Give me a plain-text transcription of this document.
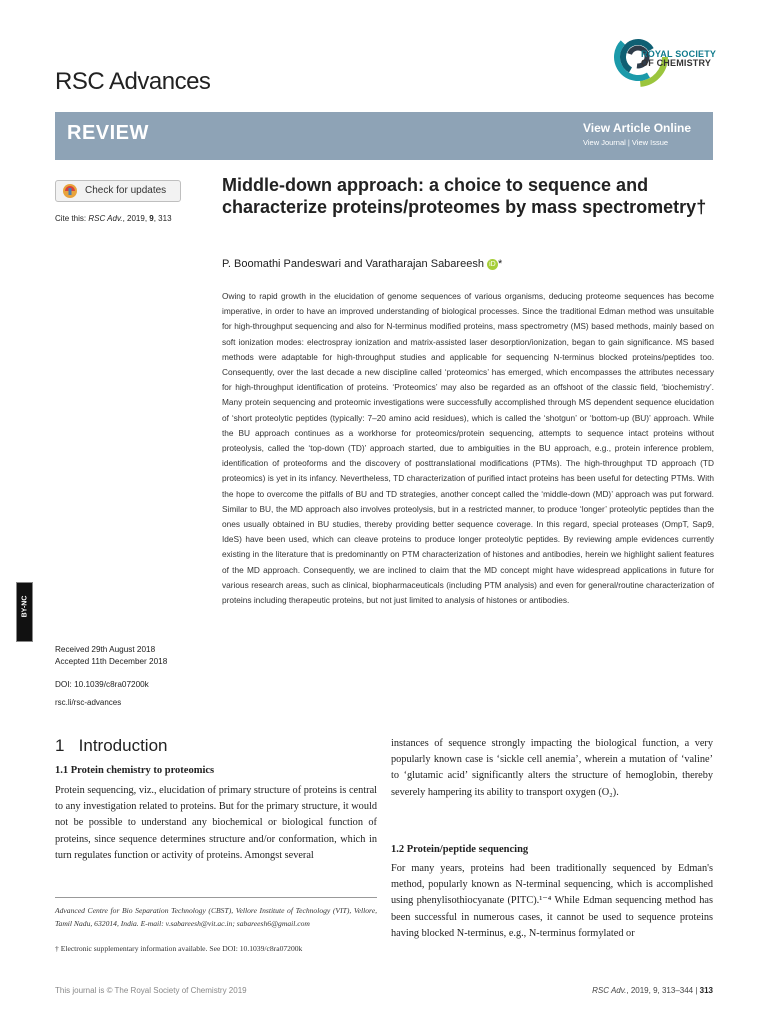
ROYAL SOCIETY
OF CHEMISTRY
RSC Advances
REVIEW	View Article Online
View Journal | View Issue
Check for updates
Cite this: RSC Adv., 2019, 9, 313
BY-NC
Received 29th August 2018
Accepted 11th December 2018
DOI: 10.1039/c8ra07200k
rsc.li/rsc-advances
Middle-down approach: a choice to sequence and characterize proteins/proteomes by mass spectrometry†
P. Boomathi Pandeswari and Varatharajan Sabareesh iD *
Owing to rapid growth in the elucidation of genome sequences of various organisms, deducing proteome sequences has become imperative, in order to have an improved understanding of biological processes. Since the traditional Edman method was unsuitable for high-throughput sequencing and also for N-terminus modified proteins, mass spectrometry (MS) based methods, mainly based on soft ionization modes: electrospray ionization and matrix-assisted laser desorption/ionization, began to gain significance. MS based methods were adaptable for high-throughput studies and applicable for sequencing N-terminus blocked proteins/peptides too. Consequently, over the last decade a new discipline called ‘proteomics’ has emerged, which encompasses the attributes necessary for high-throughput identification of proteins. ‘Proteomics’ may also be regarded as an offshoot of the classic field, ‘biochemistry’. Many protein sequencing and proteomic investigations were successfully accomplished through MS dependent sequence elucidation of ‘short proteolytic peptides (typically: 7–20 amino acid residues), which is called the ‘shotgun’ or ‘bottom-up (BU)’ approach. While the BU approach continues as a workhorse for proteomics/protein sequencing, attempts to sequence intact proteins without proteolysis, called the ‘top-down (TD)’ approach started, due to ambiguities in the BU approach, e.g., protein inference problem, identification of proteoforms and the discovery of posttranslational modifications (PTMs). The high-throughput TD approach (TD proteomics) is yet in its infancy. Nevertheless, TD characterization of purified intact proteins has been useful for detecting PTMs. With the hope to overcome the pitfalls of BU and TD strategies, another concept called the ‘middle-down (MD)’ approach was put forward. Similar to BU, the MD approach also involves proteolysis, but in a restricted manner, to produce ‘longer’ proteolytic peptides than the ones usually obtained in BU studies, thereby providing better sequence coverage. In this regard, special proteases (OmpT, Sap9, IdeS) have been used, which can cleave proteins to produce longer proteolytic peptides. By reviewing ample evidences currently existing in the literature that is predominantly on PTM characterization of histones and antibodies, herein we highlight salient features of the MD approach. Consequently, we are inclined to claim that the MD concept might have widespread applications in future for various research areas, such as clinical, biopharmaceuticals (including PTM analysis) and even for general/routine characterization of proteins including therapeutic proteins, but not just limited to analysis of histones or antibodies.
1 Introduction
1.1 Protein chemistry to proteomics
Protein sequencing, viz., elucidation of primary structure of proteins is central to any investigation related to proteins. But for the primary structure, it would not be possible to understand any biochemical or biological function of proteins, since sequence determines structure and/or conformation, which in turn regulates function or activity of proteins. Amongst several
instances of sequence strongly impacting the biological function, a very popularly known case is ‘sickle cell anemia’, wherein a mutation of ‘valine’ to ‘glutamic acid’ significantly alters the structure of hemoglobin, thereby severely hampering its ability to transport oxygen (O₂).
1.2 Protein/peptide sequencing
For many years, proteins had been traditionally sequenced by Edman's method, popularly known as N-terminal sequencing, which is accomplished using phenylisothiocyanate (PITC).¹⁻⁴ While Edman sequencing method has been successful in numerous cases, it cannot be used to sequence proteins having blocked N-terminus, e.g., N-terminus formylated or
Advanced Centre for Bio Separation Technology (CBST), Vellore Institute of Technology (VIT), Vellore, Tamil Nadu, 632014, India. E-mail: v.sabareesh@vit.ac.in; sabareesh6@gmail.com
† Electronic supplementary information available. See DOI: 10.1039/c8ra07200k
This journal is © The Royal Society of Chemistry 2019	RSC Adv., 2019, 9, 313–344 | 313
